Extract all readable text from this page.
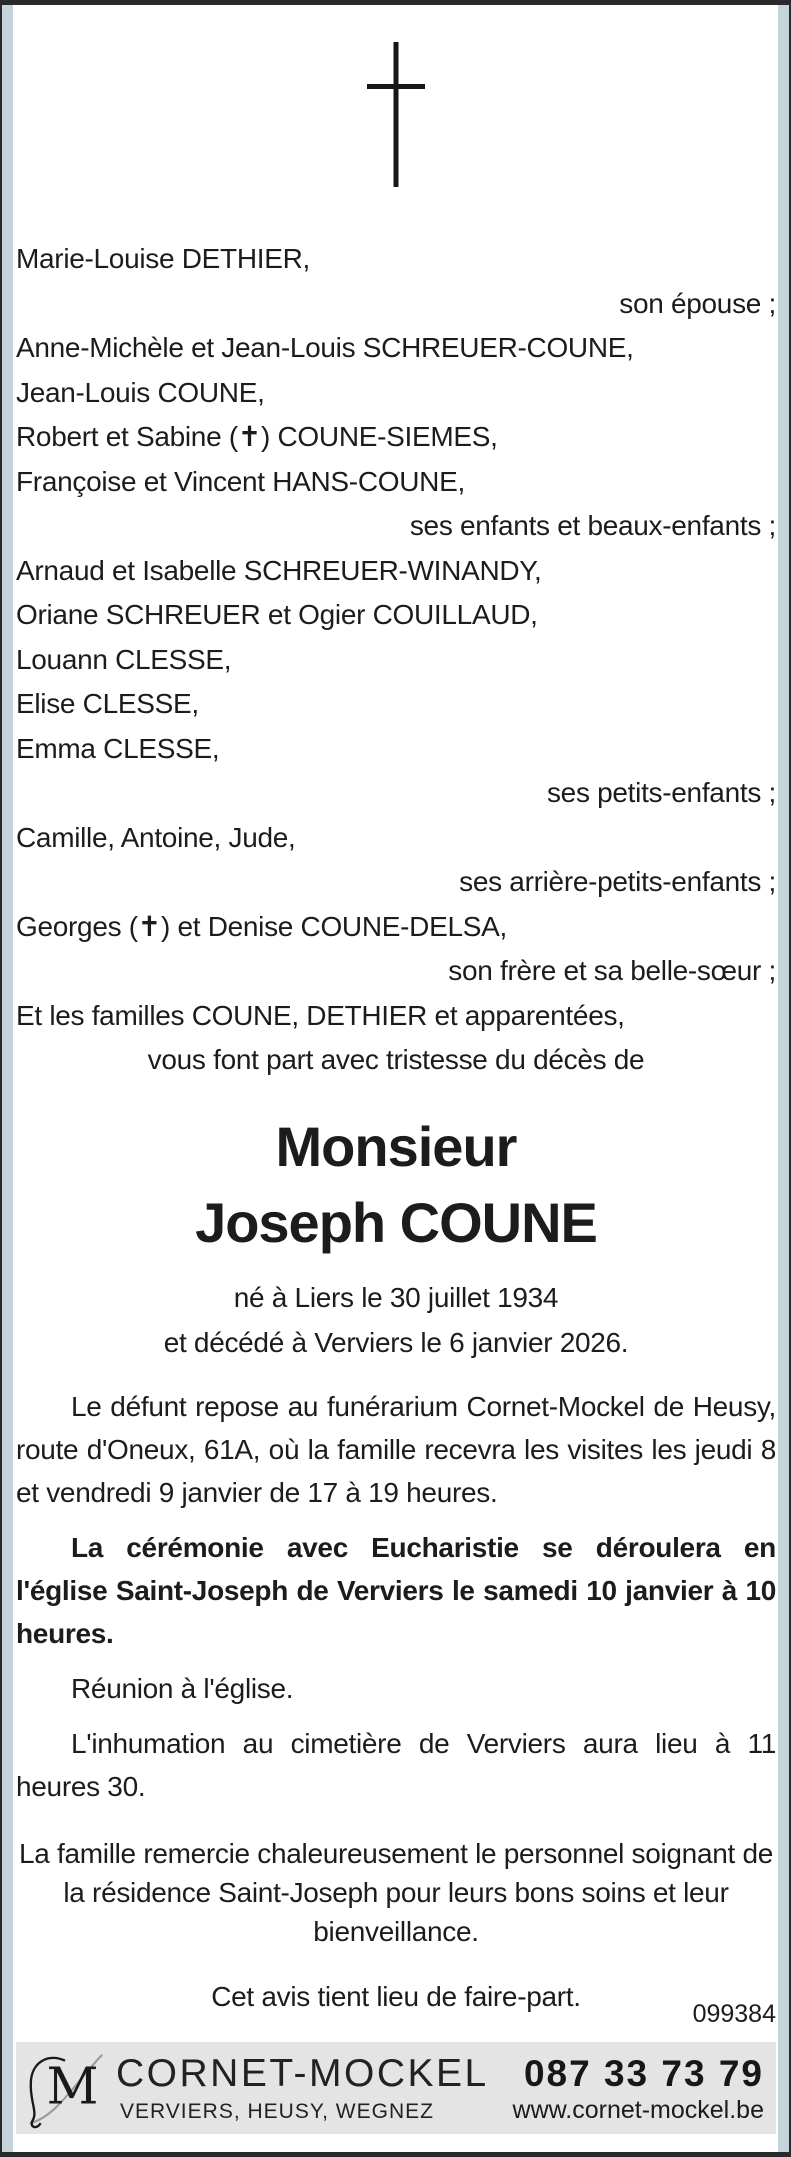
Marie-Louise DETHIER,
son épouse ;
Anne-Michèle et Jean-Louis SCHREUER-COUNE,
Jean-Louis COUNE,
Robert et Sabine (✝) COUNE-SIEMES,
Françoise et Vincent HANS-COUNE,
ses enfants et beaux-enfants ;
Arnaud et Isabelle SCHREUER-WINANDY,
Oriane SCHREUER et Ogier COUILLAUD,
Louann CLESSE,
Elise CLESSE,
Emma CLESSE,
ses petits-enfants ;
Camille, Antoine, Jude,
ses arrière-petits-enfants ;
Georges (✝) et Denise COUNE-DELSA,
son frère et sa belle-sœur ;
Et les familles COUNE, DETHIER et apparentées,
vous font part avec tristesse du décès de
Monsieur
Joseph COUNE
né à Liers le 30 juillet 1934
et décédé à Verviers le 6 janvier 2026.
Le défunt repose au funérarium Cornet-Mockel de Heusy, route d'Oneux, 61A, où la famille recevra les visites les jeudi 8 et vendredi 9 janvier de 17 à 19 heures.
La cérémonie avec Eucharistie se déroulera en l'église Saint-Joseph de Verviers le samedi 10 janvier à 10 heures.
Réunion à l'église.
L'inhumation au cimetière de Verviers aura lieu à 11 heures 30.
La famille remercie chaleureusement le personnel soignant de la résidence Saint-Joseph pour leurs bons soins et leur bienveillance.
Cet avis tient lieu de faire-part.
099384
M CORNET-MOCKEL 087 33 73 79
VERVIERS, HEUSY, WEGNEZ	www.cornet-mockel.be
